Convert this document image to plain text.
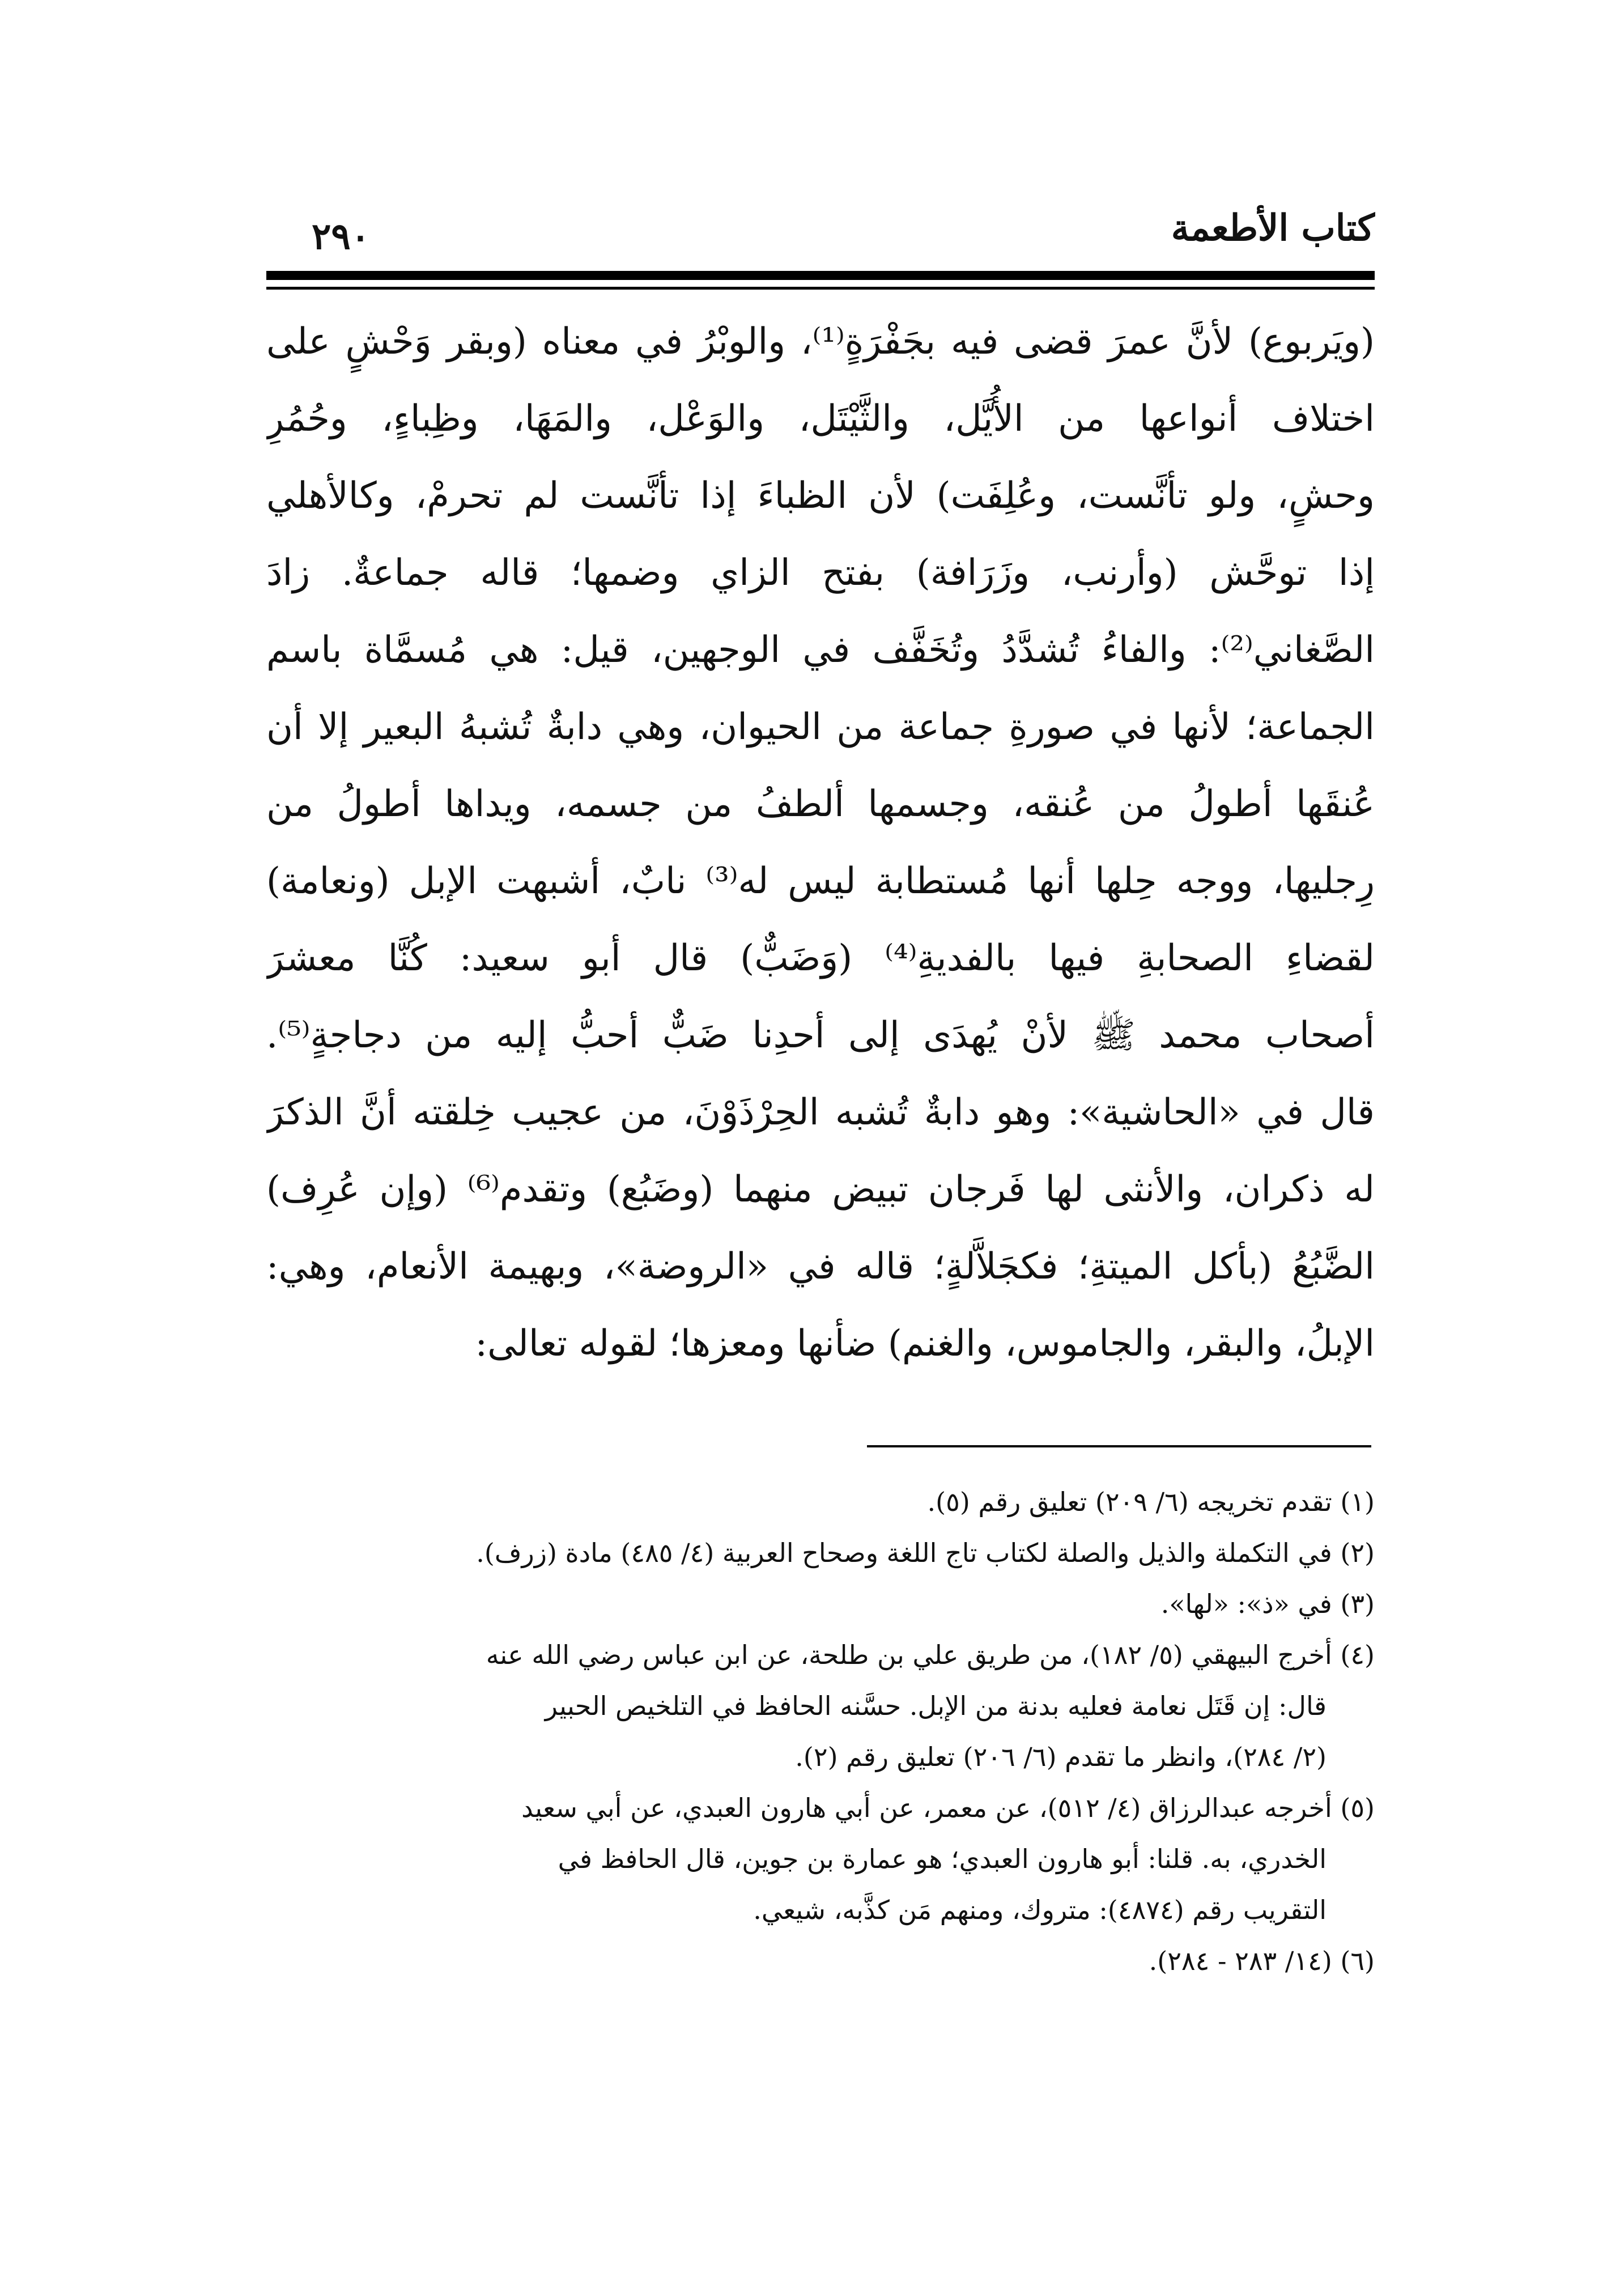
كتاب الأطعمة
٢٩٠
(ويَربوع) لأنَّ عمرَ قضى فيه بجَفْرَةٍ⁽¹⁾، والوبْرُ في معناه (وبقر وَحْشٍ على
اختلاف أنواعها من الأُيَّل، والثَّيْتَل، والوَعْل، والمَهَا، وظِباءٍ، وحُمُرِ
وحشٍ، ولو تأنَّست، وعُلِفَت) لأن الظباءَ إذا تأنَّست لم تحرمْ، وكالأهلي
إذا توحَّش (وأرنب، وزَرَافة) بفتح الزاي وضمها؛ قاله جماعةٌ. زادَ
الصَّغاني⁽²⁾: والفاءُ تُشدَّدُ وتُخَفَّف في الوجهين، قيل: هي مُسمَّاة باسم
الجماعة؛ لأنها في صورةِ جماعة من الحيوان، وهي دابةٌ تُشبهُ البعير إلا أن
عُنقَها أطولُ من عُنقه، وجسمها ألطفُ من جسمه، ويداها أطولُ من
رِجليها، ووجه حِلها أنها مُستطابة ليس له⁽³⁾ نابٌ، أشبهت الإبل (ونعامة)
لقضاءِ الصحابةِ فيها بالفديةِ⁽⁴⁾ (وَضَبٌّ) قال أبو سعيد: كُنَّا معشرَ
أصحاب محمد ﷺ لأنْ يُهدَى إلى أحدِنا ضَبٌّ أحبُّ إليه من دجاجةٍ⁽⁵⁾.
قال في «الحاشية»: وهو دابةٌ تُشبه الحِرْذَوْنَ، من عجيب خِلقته أنَّ الذكرَ
له ذكران، والأنثى لها فَرجان تبيض منهما (وضَبُع) وتقدم⁽⁶⁾ (وإن عُرِف)
الضَّبُعُ (بأكل الميتةِ؛ فكجَلاَّلةٍ؛ قاله في «الروضة»، وبهيمة الأنعام، وهي:
الإبلُ، والبقر، والجاموس، والغنم) ضأنها ومعزها؛ لقوله تعالى:
(١) تقدم تخريجه (٦/ ٢٠٩) تعليق رقم (٥).
(٢) في التكملة والذيل والصلة لكتاب تاج اللغة وصحاح العربية (٤/ ٤٨٥) مادة (زرف).
(٣) في «ذ»: «لها».
(٤) أخرج البيهقي (٥/ ١٨٢)، من طريق علي بن طلحة، عن ابن عباس رضي الله عنه
قال: إن قَتَل نعامة فعليه بدنة من الإبل. حسَّنه الحافظ في التلخيص الحبير
(٢/ ٢٨٤)، وانظر ما تقدم (٦/ ٢٠٦) تعليق رقم (٢).
(٥) أخرجه عبدالرزاق (٤/ ٥١٢)، عن معمر، عن أبي هارون العبدي، عن أبي سعيد
الخدري، به. قلنا: أبو هارون العبدي؛ هو عمارة بن جوين، قال الحافظ في
التقريب رقم (٤٨٧٤): متروك، ومنهم مَن كذَّبه، شيعي.
(٦) (١٤/ ٢٨٣ - ٢٨٤).
